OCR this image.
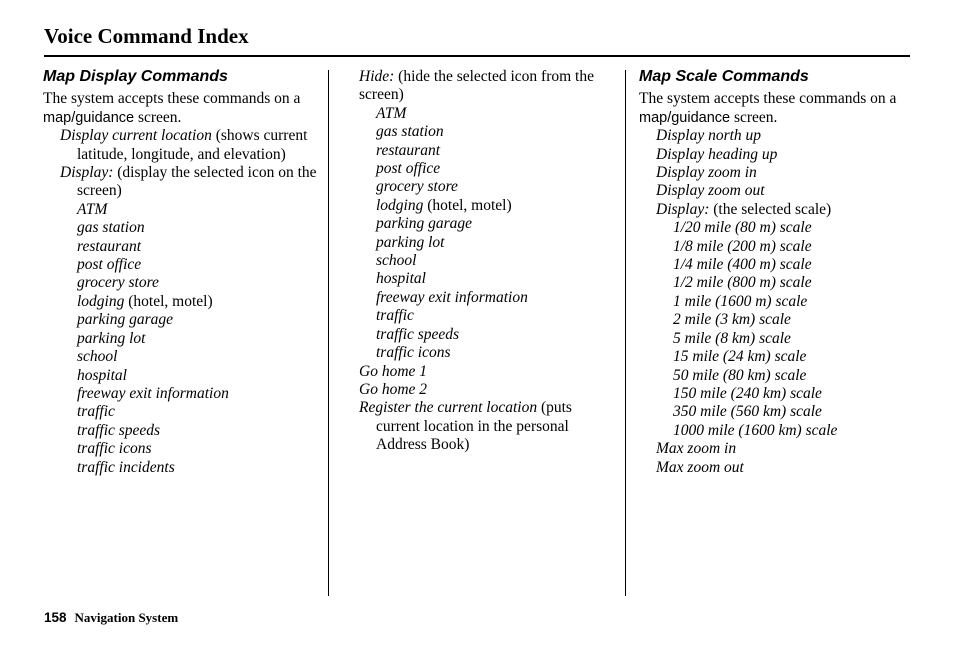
Voice Command Index
Map Display Commands

The system accepts these commands on a map/guidance screen.

Display current location (shows current latitude, longitude, and elevation)

Display: (display the selected icon on the screen)

ATM
gas station
restaurant
post office
grocery store
lodging (hotel, motel)
parking garage
parking lot
school
hospital
freeway exit information
traffic
traffic speeds
traffic icons
traffic incidents

Hide: (hide the selected icon from the screen)

ATM
gas station
restaurant
post office
grocery store
lodging (hotel, motel)
parking garage
parking lot
school
hospital
freeway exit information
traffic
traffic speeds
traffic icons
Go home 1
Go home 2

Register the current location (puts current location in the personal Address Book)

Map Scale Commands

The system accepts these commands on a map/guidance screen.

Display north up
Display heading up
Display zoom in
Display zoom out
Display: (the selected scale)
1/20 mile (80 m) scale
1/8 mile (200 m) scale
1/4 mile (400 m) scale
1/2 mile (800 m) scale
1 mile (1600 m) scale
2 mile (3 km) scale
5 mile (8 km) scale
15 mile (24 km) scale
50 mile (80 km) scale
150 mile (240 km) scale
350 mile (560 km) scale
1000 mile (1600 km) scale
Max zoom in
Max zoom out
158 Navigation System
